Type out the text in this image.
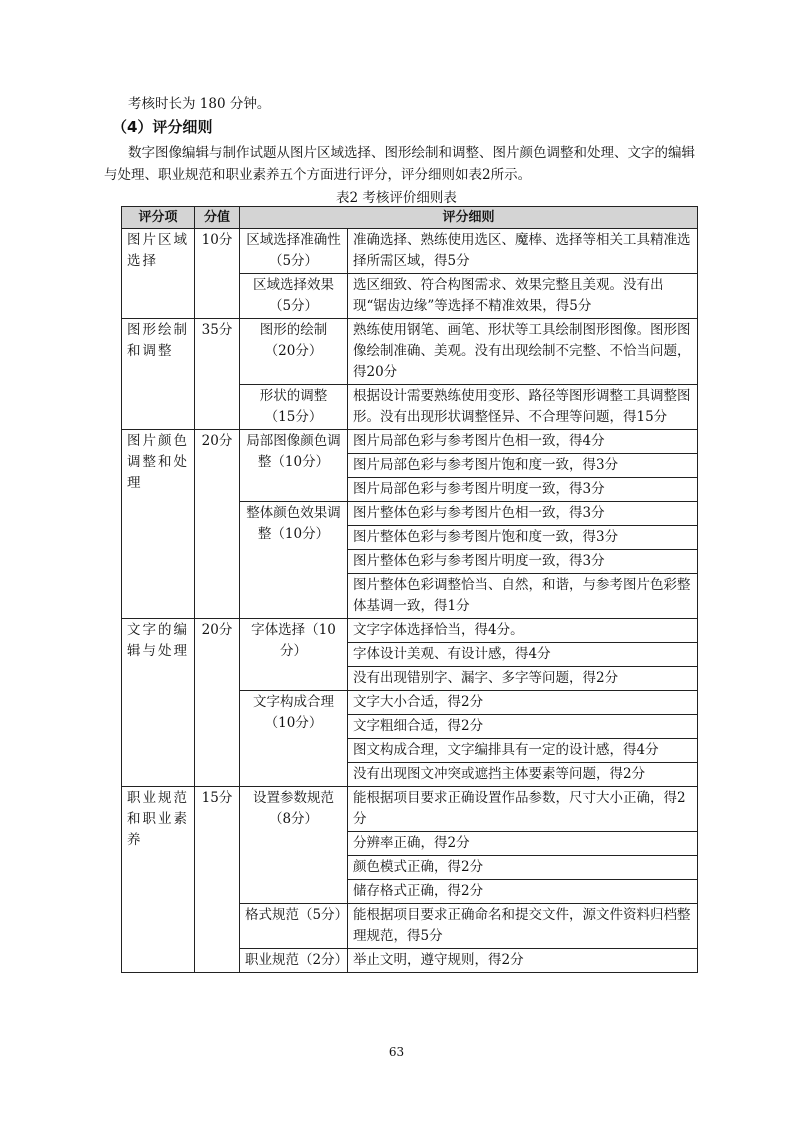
考核时长为 180 分钟。
（4）评分细则
数字图像编辑与制作试题从图片区域选择、图形绘制和调整、图片颜色调整和处理、文字的编辑
与处理、职业规范和职业素养五个方面进行评分，评分细则如表2所示。
表2 考核评价细则表
评分项	分值	评分细则	
图片区域选择	10分	区域选择准确性（5分）	准确选择、熟练使用选区、魔棒、选择等相关工具精准选择所需区域，得5分
		区域选择效果（5分）	选区细致、符合构图需求、效果完整且美观。没有出现“锯齿边缘”等选择不精准效果，得5分
图形绘制和调整	35分	图形的绘制（20分）	熟练使用钢笔、画笔、形状等工具绘制图形图像。图形图像绘制准确、美观。没有出现绘制不完整、不恰当问题，得20分
		形状的调整（15分）	根据设计需要熟练使用变形、路径等图形调整工具调整图形。没有出现形状调整怪异、不合理等问题，得15分
图片颜色调整和处理	20分	局部图像颜色调整（10分）	图片局部色彩与参考图片色相一致，得4分
			图片局部色彩与参考图片饱和度一致，得3分
			图片局部色彩与参考图片明度一致，得3分
		整体颜色效果调整（10分）	图片整体色彩与参考图片色相一致，得3分
			图片整体色彩与参考图片饱和度一致，得3分
			图片整体色彩与参考图片明度一致，得3分
			图片整体色彩调整恰当、自然，和谐，与参考图片色彩整体基调一致，得1分
文字的编辑与处理	20分	字体选择（10分）	文字字体选择恰当，得4分。
			字体设计美观、有设计感，得4分
			没有出现错别字、漏字、多字等问题，得2分
		文字构成合理（10分）	文字大小合适，得2分
			文字粗细合适，得2分
			图文构成合理，文字编排具有一定的设计感，得4分
			没有出现图文冲突或遮挡主体要素等问题，得2分
职业规范和职业素养	15分	设置参数规范（8分）	能根据项目要求正确设置作品参数，尺寸大小正确，得2分
			分辨率正确，得2分
			颜色模式正确，得2分
			储存格式正确，得2分
		格式规范（5分）	能根据项目要求正确命名和提交文件，源文件资料归档整理规范，得5分
		职业规范（2分）	举止文明，遵守规则，得2分
63
